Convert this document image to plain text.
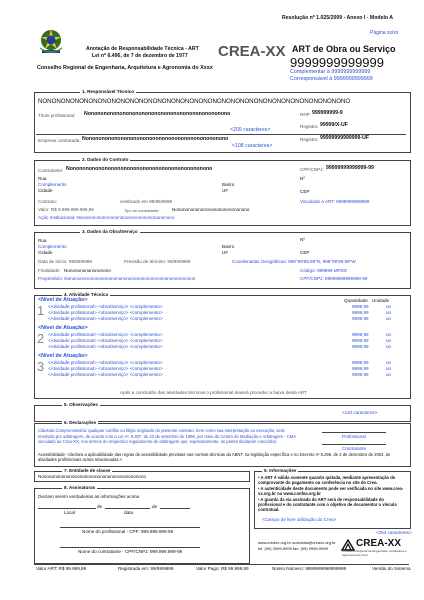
Resolução nº 1.025/2009 - Anexo I - Modelo A
Anotação de Responsabilidade Técnica - ART
Lei nº 6.496, de 7 de dezembro de 1977 CREA-XX
Conselho Regional de Engenharia, Arquitetura e Agronomia do Xxxx
Página xx/xx
ART de Obra ou Serviço
9999999999999
Complementar à 9999999999999
Corresponsável à 9999999999999
1. Responsável Técnico
NONONONONONONONONONONONONONONONONONONONONONONONONONONONONONONONONONO
Título profissional: Nonononononononononononononononononononononono	RNP: 999999999-9
Registro: 99999/X-UF
<209 caracteres>
Empresa contratada: Nonononononononononononononononononononononono	Registro: 99999999999999-UF
<108 caracteres>
2. Dados do Contrato
Contratante: Nonononononononononononononononononononononono	CPF/CNPJ: 99999999999999-99
Rua	Nº
Complemento	Bairro
Cidade	UF	CEP
Contrato:	celebrado em 99/99/9999	Vinculado à ART: 9999999999999
Valor: R$ 9.999.999.999,99	Tipo de contratante:	Nonononononononononononononono
Ação Institucional: Nonononononononononononononononononono
3. Dados da Obra/Serviço
Rua	Nº
Complemento	Bairro
Cidade	UF	CEP
Data de Início: 99/99/9999	Previsão de término: 99/99/9999	Coordenadas Geográficas: 999°99'99.99"N, 999°99'99.99"W
Finalidade: Nonononononononono	Código: 999999 MFDG
Proprietário: Nononononononononononononononononononononononononon	CPF/CNPJ: 99999999999999-99
4. Atividade Técnica
Quantidade Unidade
<Nível de Atuação>
1 <Atividade profissional> <obra/serviço> <complemento>	9999,99	un
<Atividade profissional> <obra/serviço> <complemento>	9999,99	un
<Atividade profissional> <obra/serviço> <complemento>	9999,99	un
<Nível de Atuação>
2 <Atividade profissional> <obra/serviço> <complemento>	9999,99	un
<Atividade profissional> <obra/serviço> <complemento>	9999,99	un
<Atividade profissional> <obra/serviço> <complemento>	9999,99	un
<Nível de Atuação>
3 <Atividade profissional> <obra/serviço> <complemento>	9999,99	un
<Atividade profissional> <obra/serviço> <complemento>	9999,99	un
<Atividade profissional> <obra/serviço> <complemento>	9999,99	un
Após a conclusão das atividades técnicas o profissional deverá proceder a baixa desta ART
5. Observações
<110 caracteres>
6. Declarações
Cláusula Compromissória: qualquer conflito ou litígio originado do presente contrato, bem como sua interpretação ou execução, será resolvido por arbitragem, de acordo com a Lei nº. 9.307, de 23 de setembro de 1996, por meio do Centro de Mediação e Arbitragem - CMA vinculado ao Crea-XX, nos termos do respectivo regulamento de arbitragem que, expressamente, as partes declaram concordar.
Profissional
Contratante
Acessibilidade: <declara a aplicabilidade das regras de acessibilidade previstas nas normas técnicas da ABNT, na legislação específica e no Decreto nº 5.296, de 2 de dezembro de 2004, às atividades profissionais acima relacionadas.>
7. Entidade de classe
Nonononononononononononononononononononono
8. Assinaturas
Declaro serem verdadeiras as informações acima
de	de
Local	data
Nome do profissional - CPF: 999.999.999-99
Nome do contratante - CPF/CNPJ: 999.999.999-99
9. Informações
• A ART é válida somente quando quitada, mediante apresentação do comprovante do pagamento ou conferência no site do Crea.
• A autenticidade deste documento pode ser verificada no site www.crea-xx.org.br ou www.confea.org.br
• A guarda da via assinada da ART será de responsabilidade do profissional e do contratante com o objetivo de documentar o vínculo contratual.
<Campo de livre utilização do Crea>
<254 caracteres>
www.creaxx.org.br ouvidoria@creaxx.org.br
tel: (99) 3999-9999 fax: (99) 9999-9999	CREA-XX
Conselho Regional de Engenharia, Arquitetura e Agronomia do Xxxx
Valor ART: R$ 99.999,99	Registrada em: 99/99/9999	Valor Pago: R$ 99.999,99	Nosso Número: 9999999999999999	Versão do Sistema
